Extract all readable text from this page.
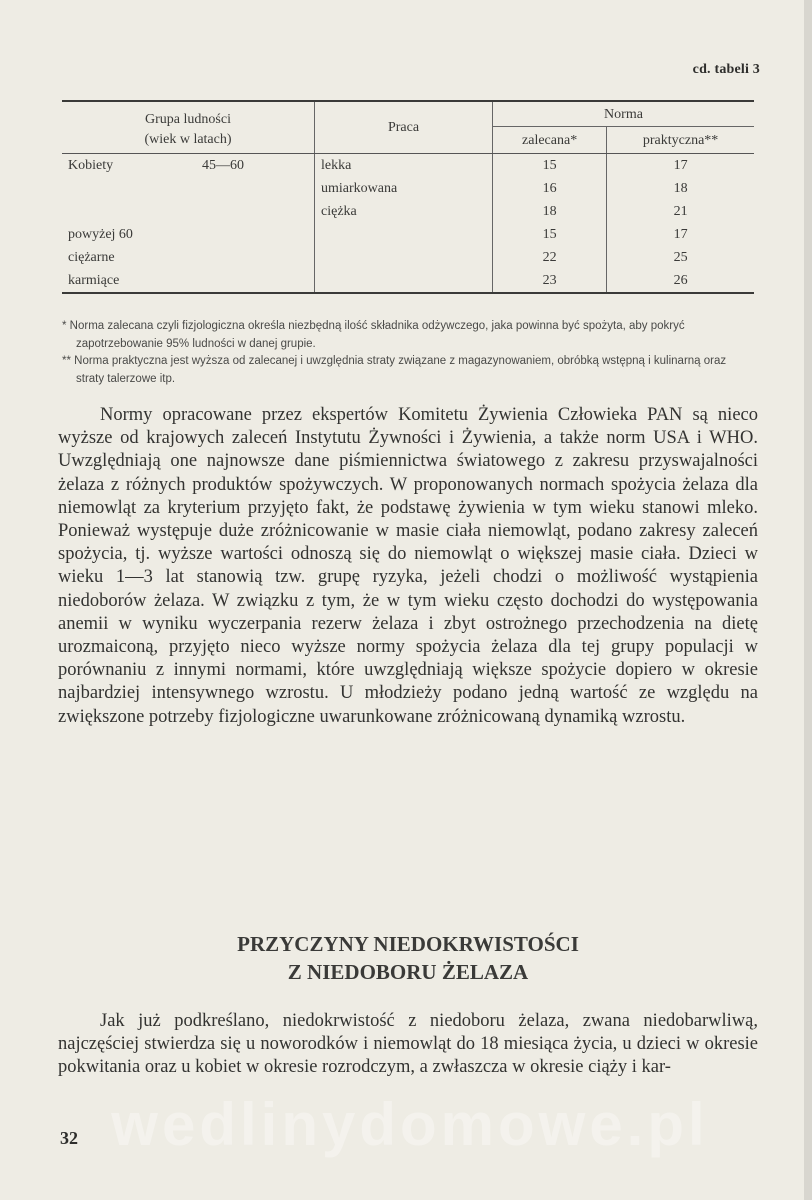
cd. tabeli 3
Grupa ludności
(wiek w latach)	Praca	Norma	
		zalecana*	praktyczna**
Kobiety 45—60	lekka	15	17
	umiarkowana	16	18
	ciężka	18	21
powyżej 60		15	17
ciężarne		22	25
karmiące		23	26

* Norma zalecana czyli fizjologiczna określa niezbędną ilość składnika odżywczego, jaka powinna być spożyta, aby pokryć zapotrzebowanie 95% ludności w danej grupie.

** Norma praktyczna jest wyższa od zalecanej i uwzględnia straty związane z magazynowaniem, obróbką wstępną i kulinarną oraz straty talerzowe itp.

Normy opracowane przez ekspertów Komitetu Żywienia Człowieka PAN są nieco wyższe od krajowych zaleceń Instytutu Żywności i Żywienia, a także norm USA i WHO. Uwzględniają one najnowsze dane piśmiennictwa światowego z zakresu przyswajalności żelaza z różnych produktów spożywczych. W proponowanych normach spożycia żelaza dla niemowląt za kryterium przyjęto fakt, że podstawę żywienia w tym wieku stanowi mleko. Ponieważ występuje duże zróżnicowanie w masie ciała niemowląt, podano zakresy zaleceń spożycia, tj. wyższe wartości odnoszą się do niemowląt o większej masie ciała. Dzieci w wieku 1—3 lat stanowią tzw. grupę ryzyka, jeżeli chodzi o możliwość wystąpienia niedoborów żelaza. W związku z tym, że w tym wieku często dochodzi do występowania anemii w wyniku wyczerpania rezerw żelaza i zbyt ostrożnego przechodzenia na dietę urozmaiconą, przyjęto nieco wyższe normy spożycia żelaza dla tej grupy populacji w porównaniu z innymi normami, które uwzględniają większe spożycie dopiero w okresie najbardziej intensywnego wzrostu. U młodzieży podano jedną wartość ze względu na zwiększone potrzeby fizjologiczne uwarunkowane zróżnicowaną dynamiką wzrostu.

PRZYCZYNY NIEDOKRWISTOŚCI
Z NIEDOBORU ŻELAZA

Jak już podkreślano, niedokrwistość z niedoboru żelaza, zwana niedobarwliwą, najczęściej stwierdza się u noworodków i niemowląt do 18 miesiąca życia, u dzieci w okresie pokwitania oraz u kobiet w okresie rozrodczym, a zwłaszcza w okresie ciąży i kar-

wedlinydomowe.pl
32
